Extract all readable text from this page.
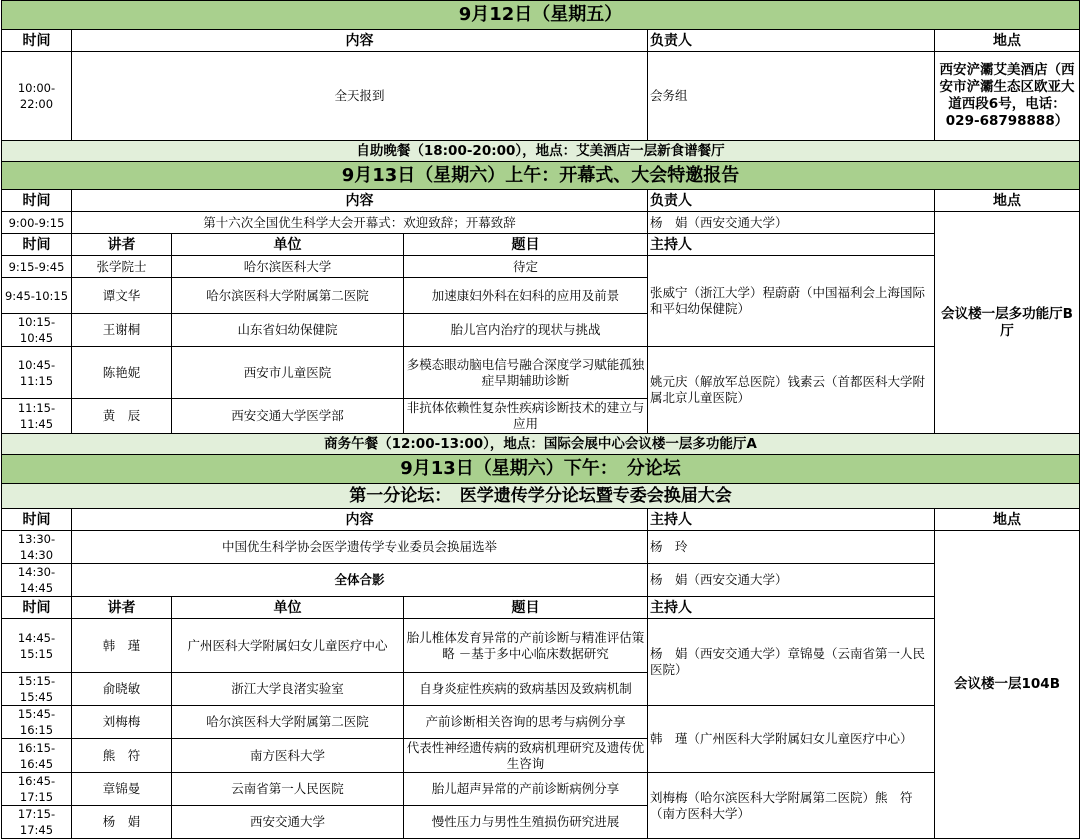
9月12日（星期五）					
时间	内容			负责人	地点
10:00-22:00	全天报到			会务组	西安浐灞艾美酒店（西安市浐灞生态区欧亚大道西段6号，电话：029-68798888）
自助晚餐（18:00-20:00），地点：艾美酒店一层新食谱餐厅					
9月13日（星期六）上午：开幕式、大会特邀报告					
时间	内容			负责人	地点
9:00-9:15	第十六次全国优生科学大会开幕式：欢迎致辞；开幕致辞			杨　娟（西安交通大学）	会议楼一层多功能厅B厅
时间	讲者	单位	题目	主持人	
9:15-9:45	张学院士	哈尔滨医科大学	待定	张威宁（浙江大学）程蔚蔚（中国福利会上海国际和平妇幼保健院）	
9:45-10:15	谭文华	哈尔滨医科大学附属第二医院	加速康妇外科在妇科的应用及前景		
10:15-10:45	王谢桐	山东省妇幼保健院	胎儿宫内治疗的现状与挑战		
10:45-11:15	陈艳妮	西安市儿童医院	多模态眼动脑电信号融合深度学习赋能孤独症早期辅助诊断	姚元庆（解放军总医院）钱素云（首都医科大学附属北京儿童医院）	
11:15-11:45	黄　辰	西安交通大学医学部	非抗体依赖性复杂性疾病诊断技术的建立与应用		
商务午餐（12:00-13:00），地点：国际会展中心会议楼一层多功能厅A					
9月13日（星期六）下午：　分论坛					
第一分论坛：　医学遗传学分论坛暨专委会换届大会					
时间	内容			主持人	地点
13:30-14:30	中国优生科学协会医学遗传学专业委员会换届选举			杨　玲	会议楼一层104B
14:30-14:45	全体合影			杨　娟（西安交通大学）	
时间	讲者	单位	题目	主持人	
14:45-15:15	韩　瑾	广州医科大学附属妇女儿童医疗中心	胎儿椎体发育异常的产前诊断与精准评估策略 －基于多中心临床数据研究	杨　娟（西安交通大学）章锦曼（云南省第一人民医院）	
15:15-15:45	俞晓敏	浙江大学良渚实验室	自身炎症性疾病的致病基因及致病机制		
15:45-16:15	刘梅梅	哈尔滨医科大学附属第二医院	产前诊断相关咨询的思考与病例分享	韩　瑾（广州医科大学附属妇女儿童医疗中心）	
16:15-16:45	熊　符	南方医科大学	代表性神经遗传病的致病机理研究及遗传优生咨询		
16:45-17:15	章锦曼	云南省第一人民医院	胎儿超声异常的产前诊断病例分享	刘梅梅（哈尔滨医科大学附属第二医院）熊　符（南方医科大学）	
17:15-17:45	杨　娟	西安交通大学	慢性压力与男性生殖损伤研究进展		
